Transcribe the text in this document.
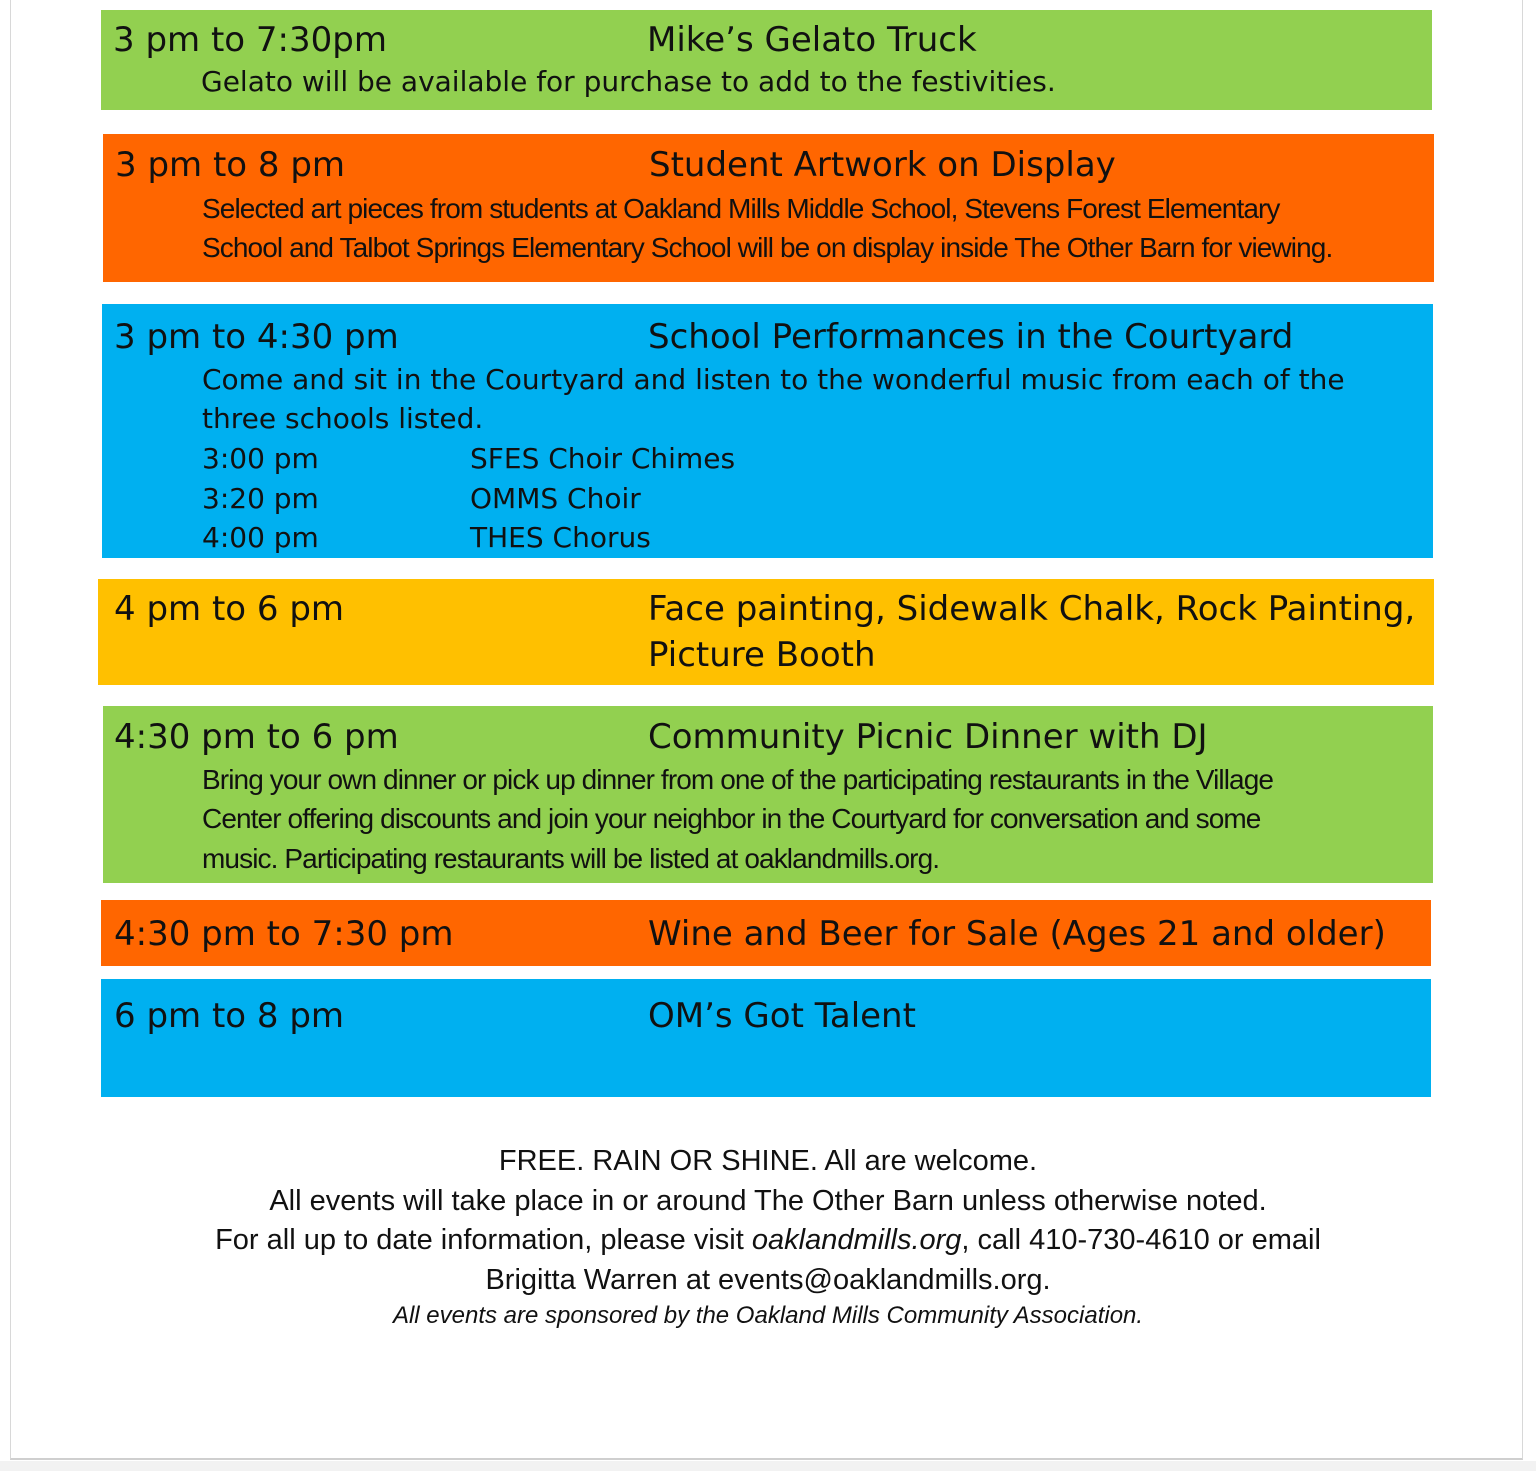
3 pm to 7:30pm	Mike’s Gelato Truck
Gelato will be available for purchase to add to the festivities.
3 pm to 8 pm	Student Artwork on Display
Selected art pieces from students at Oakland Mills Middle School, Stevens Forest Elementary
School and Talbot Springs Elementary School will be on display inside The Other Barn for viewing.
3 pm to 4:30 pm	School Performances in the Courtyard
Come and sit in the Courtyard and listen to the wonderful music from each of the
three schools listed.
3:00 pm	SFES Choir Chimes
3:20 pm	OMMS Choir
4:00 pm	THES Chorus
4 pm to 6 pm	Face painting, Sidewalk Chalk, Rock Painting,
Picture Booth
4:30 pm to 6 pm	Community Picnic Dinner with DJ
Bring your own dinner or pick up dinner from one of the participating restaurants in the Village
Center offering discounts and join your neighbor in the Courtyard for conversation and some
music. Participating restaurants will be listed at oaklandmills.org.
4:30 pm to 7:30 pm	Wine and Beer for Sale (Ages 21 and older)
6 pm to 8 pm	OM’s Got Talent
FREE. RAIN OR SHINE. All are welcome.
All events will take place in or around The Other Barn unless otherwise noted.
For all up to date information, please visit oaklandmills.org, call 410-730-4610 or email
Brigitta Warren at events@oaklandmills.org.
All events are sponsored by the Oakland Mills Community Association.
